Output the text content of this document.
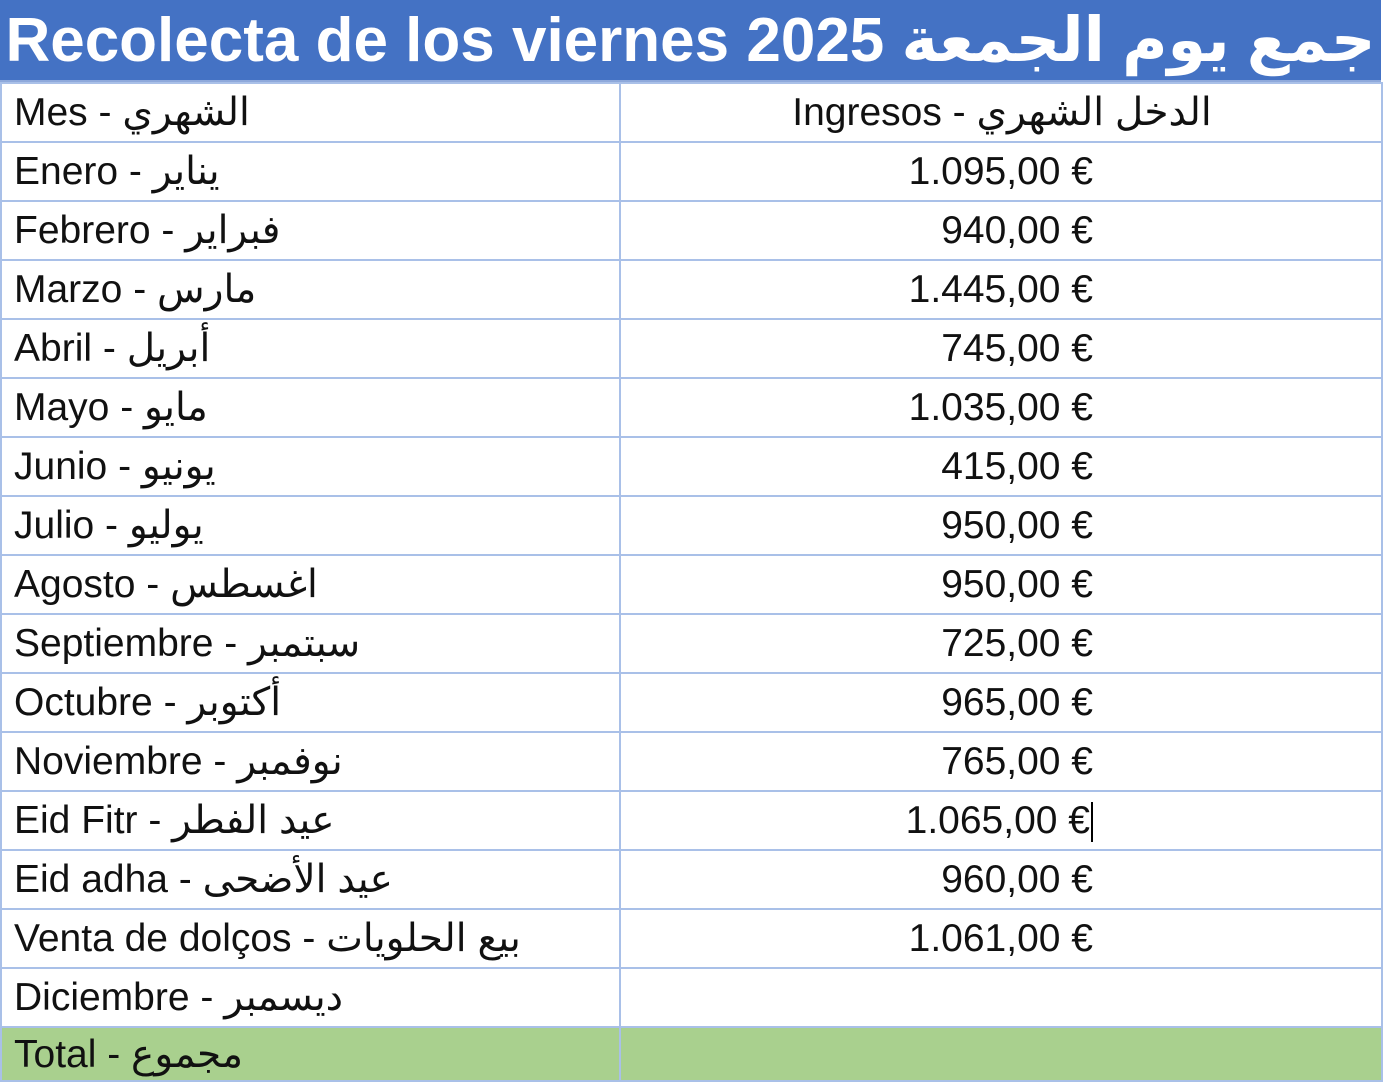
Recolecta de los viernes 2025 جمع يوم الجمعة
Mes - الشهري	Ingresos - الدخل الشهري
Enero - يناير	1.095,00 €
Febrero - فبراير	940,00 €
Marzo - مارس	1.445,00 €
Abril - أبريل	745,00 €
Mayo - مايو	1.035,00 €
Junio - يونيو	415,00 €
Julio - يوليو	950,00 €
Agosto - اغسطس	950,00 €
Septiembre - سبتمبر	725,00 €
Octubre - أكتوبر	965,00 €
Noviembre - نوفمبر	765,00 €
Eid Fitr - عيد الفطر	1.065,00 €
Eid adha - عيد الأضحى	960,00 €
Venta de dolços - بيع الحلويات	1.061,00 €
Diciembre - ديسمبر	
Total - مجموع	
